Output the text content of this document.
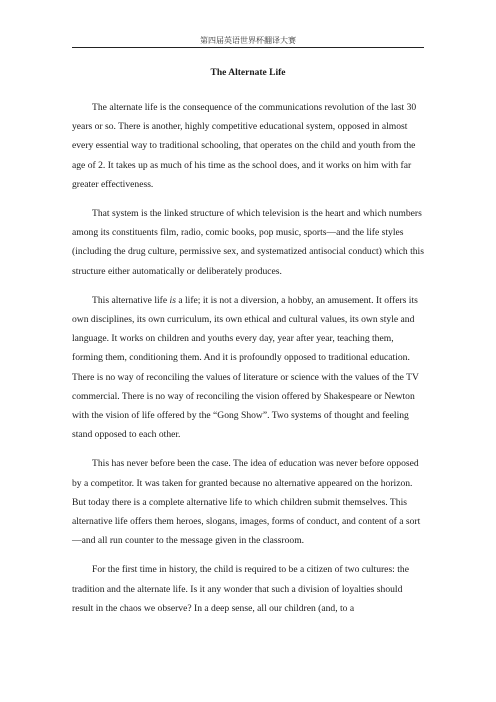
第四届英语世界杯翻译大赛
The Alternate Life

The alternate life is the consequence of the communications revolution of the last 30 years or so. There is another, highly competitive educational system, opposed in almost every essential way to traditional schooling, that operates on the child and youth from the age of 2. It takes up as much of his time as the school does, and it works on him with far greater effectiveness.

That system is the linked structure of which television is the heart and which numbers among its constituents film, radio, comic books, pop music, sports—and the life styles (including the drug culture, permissive sex, and systematized antisocial conduct) which this structure either automatically or deliberately produces.

This alternative life is a life; it is not a diversion, a hobby, an amusement. It offers its own disciplines, its own curriculum, its own ethical and cultural values, its own style and language. It works on children and youths every day, year after year, teaching them, forming them, conditioning them. And it is profoundly opposed to traditional education. There is no way of reconciling the values of literature or science with the values of the TV commercial. There is no way of reconciling the vision offered by Shakespeare or Newton with the vision of life offered by the “Gong Show”. Two systems of thought and feeling stand opposed to each other.

This has never before been the case. The idea of education was never before opposed by a competitor. It was taken for granted because no alternative appeared on the horizon. But today there is a complete alternative life to which children submit themselves. This alternative life offers them heroes, slogans, images, forms of conduct, and content of a sort—and all run counter to the message given in the classroom.

For the first time in history, the child is required to be a citizen of two cultures: the tradition and the alternate life. Is it any wonder that such a division of loyalties should result in the chaos we observe? In a deep sense, all our children (and, to a
